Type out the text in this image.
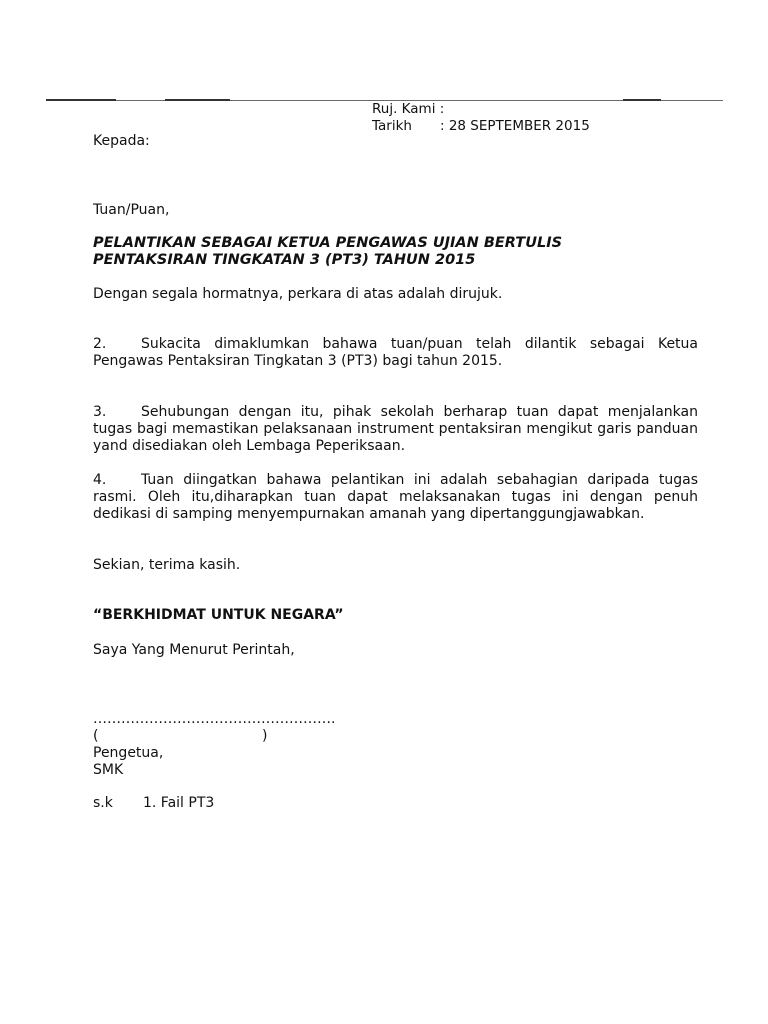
Ruj. Kami :
Tarikh	: 28 SEPTEMBER 2015
Kepada:
Tuan/Puan,
PELANTIKAN SEBAGAI KETUA PENGAWAS UJIAN BERTULIS
PENTAKSIRAN TINGKATAN 3 (PT3) TAHUN 2015
Dengan segala hormatnya, perkara di atas adalah dirujuk.
2. Sukacita dimaklumkan bahawa tuan/puan telah dilantik sebagai Ketua Pengawas Pentaksiran Tingkatan 3 (PT3) bagi tahun 2015.
3. Sehubungan dengan itu, pihak sekolah berharap tuan dapat menjalankan tugas bagi memastikan pelaksanaan instrument pentaksiran mengikut garis panduan yand disediakan oleh Lembaga Peperiksaan.
4. Tuan diingatkan bahawa pelantikan ini adalah sebahagian daripada tugas rasmi. Oleh itu,diharapkan tuan dapat melaksanakan tugas ini dengan penuh dedikasi di samping menyempurnakan amanah yang dipertanggungjawabkan.
Sekian, terima kasih.
“BERKHIDMAT UNTUK NEGARA”
Saya Yang Menurut Perintah,
…………………………………………….
(	)
Pengetua,
SMK
s.k	1. Fail PT3
